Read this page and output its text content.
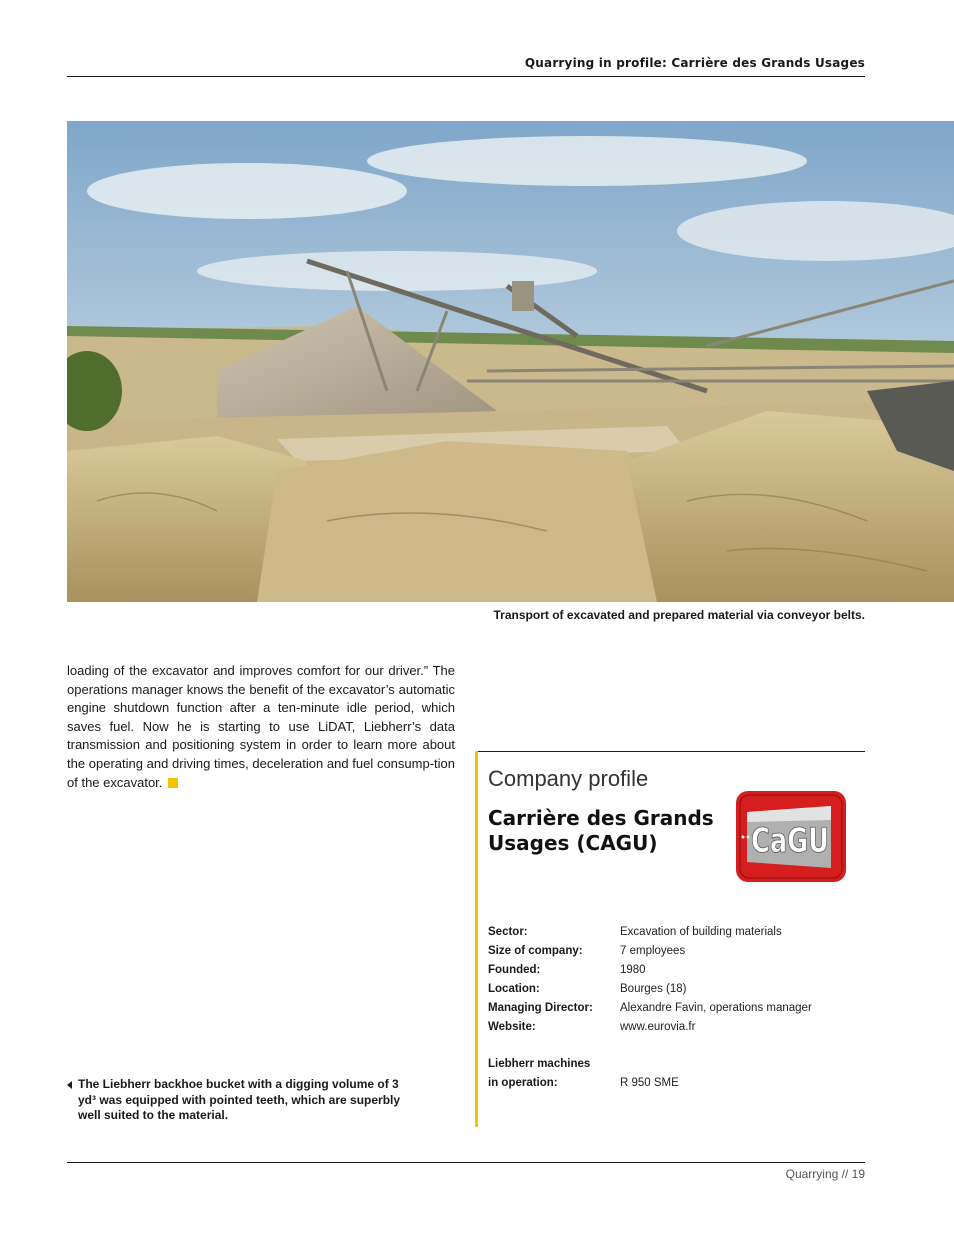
Quarrying in profile: Carrière des Grands Usages
Transport of excavated and prepared material via conveyor belts.
loading of the excavator and improves comfort for our driver.” The operations manager knows the benefit of the excavator’s automatic engine shutdown function after a ten-minute idle period, which saves fuel. Now he is starting to use LiDAT, Liebherr’s data transmission and positioning system in order to learn more about the operating and driving times, deceleration and fuel consump-tion of the excavator.
The Liebherr backhoe bucket with a digging volume of 3 yd³ was equipped with pointed teeth, which are superbly well suited to the material.
Company profile
Carrière des Grands Usages (CAGU)	CaGU
Sector:	Excavation of building materials
Size of company:	7 employees
Founded:	1980
Location:	Bourges (18)
Managing Director: Alexandre Favin, operations manager
Website:	www.eurovia.fr
Liebherr machines
in operation:	R 950 SME
Quarrying // 19
